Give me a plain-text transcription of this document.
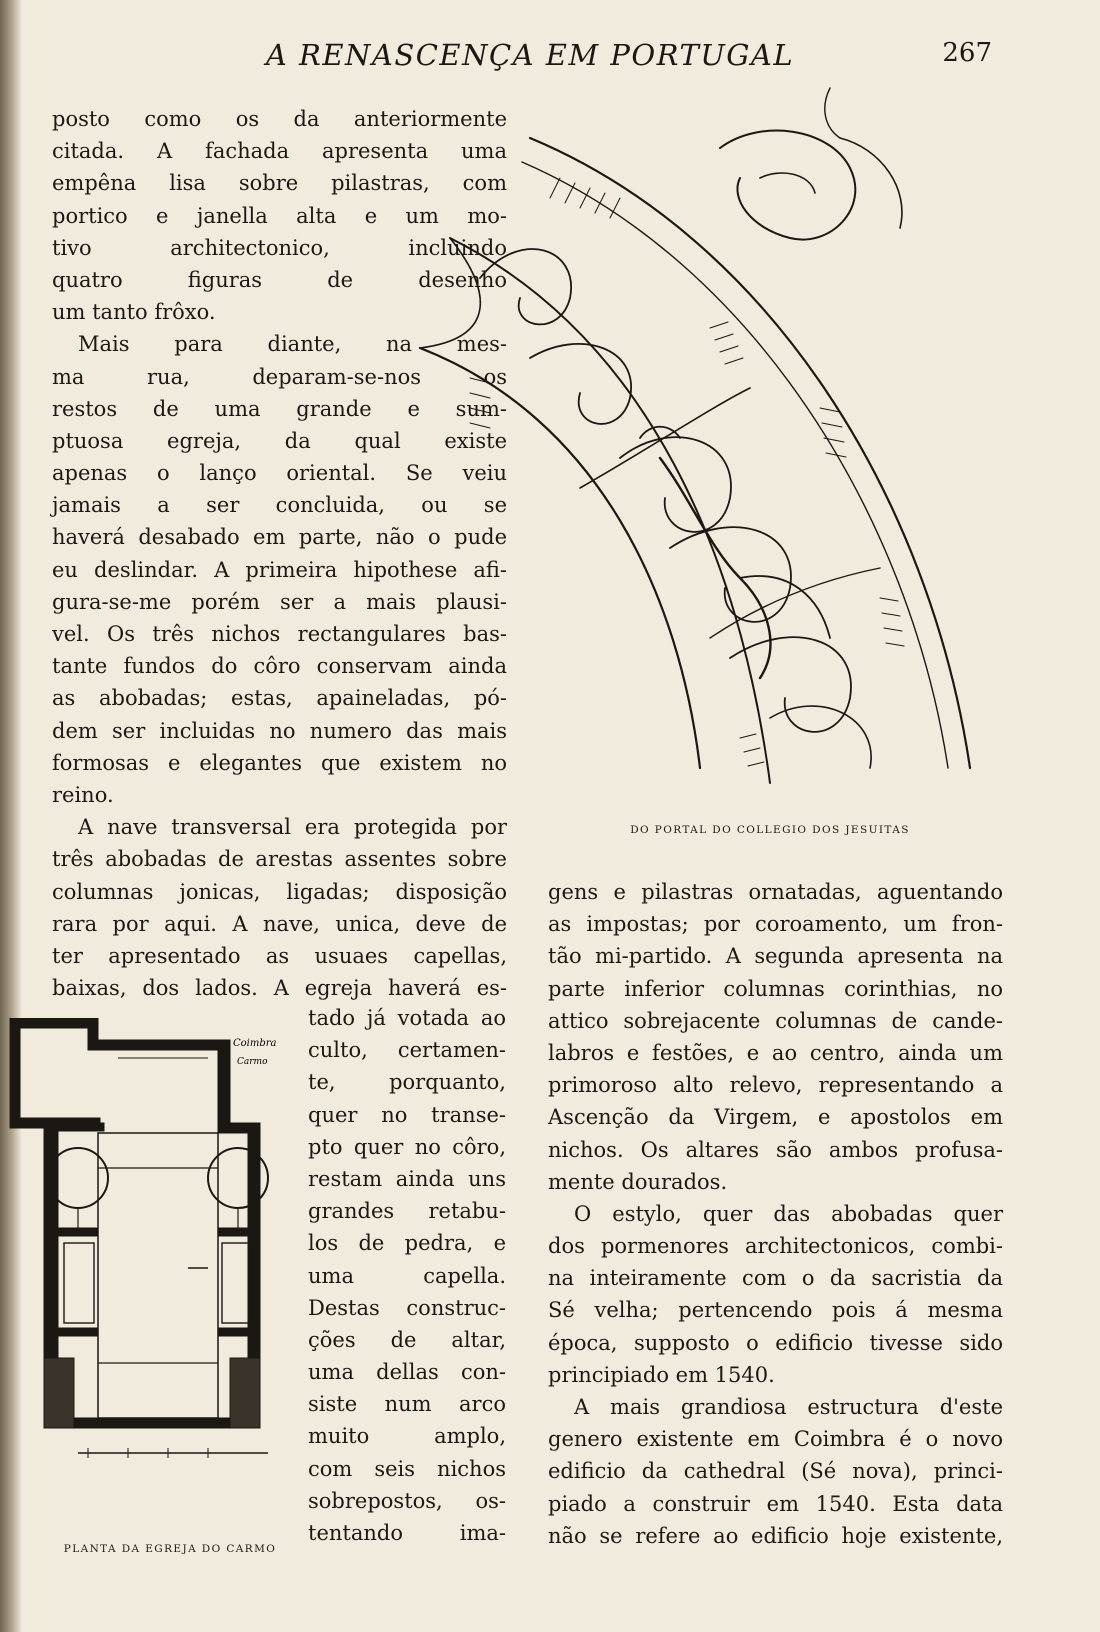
A RENASCENÇA EM PORTUGAL	267
posto como os da anteriormente
citada. A fachada apresenta uma
empêna lisa sobre pilastras, com
portico e janella alta e um mo-
tivo architectonico, incluindo
quatro figuras de desenho
um tanto frôxo.
Mais para diante, na mes-
ma rua, deparam-se-nos os
restos de uma grande e sum-
ptuosa egreja, da qual existe
apenas o lanço oriental. Se veiu
jamais a ser concluida, ou se
haverá desabado em parte, não o pude
eu deslindar. A primeira hipothese afi-
gura-se-me porém ser a mais plausi-
vel. Os três nichos rectangulares bas-
tante fundos do côro conservam ainda
as abobadas; estas, apaineladas, pó-
dem ser incluidas no numero das mais
formosas e elegantes que existem no
reino.
A nave transversal era protegida por
três abobadas de arestas assentes sobre
columnas jonicas, ligadas; disposição
rara por aqui. A nave, unica, deve de
ter apresentado as usuaes capellas,
baixas, dos lados. A egreja haverá es-
tado já votada ao
culto, certamen-
te, porquanto,
quer no transe-
pto quer no côro,
restam ainda uns
grandes retabu-
los de pedra, e
uma capella.
Destas construc-
ções de altar,
uma dellas con-
siste num arco
muito amplo,
com seis nichos
sobrepostos, os-
tentando ima-
gens e pilastras ornatadas, aguentando
as impostas; por coroamento, um fron-
tão mi-partido. A segunda apresenta na
parte inferior columnas corinthias, no
attico sobrejacente columnas de cande-
labros e festões, e ao centro, ainda um
primoroso alto relevo, representando a
Ascenção da Virgem, e apostolos em
nichos. Os altares são ambos profusa-
mente dourados.
O estylo, quer das abobadas quer
dos pormenores architectonicos, combi-
na inteiramente com o da sacristia da
Sé velha; pertencendo pois á mesma
época, supposto o edificio tivesse sido
principiado em 1540.
A mais grandiosa estructura d'este
genero existente em Coimbra é o novo
edificio da cathedral (Sé nova), princi-
piado a construir em 1540. Esta data
não se refere ao edificio hoje existente,
DO PORTAL DO COLLEGIO DOS JESUITAS
Coimbra
Carmo
PLANTA DA EGREJA DO CARMO
